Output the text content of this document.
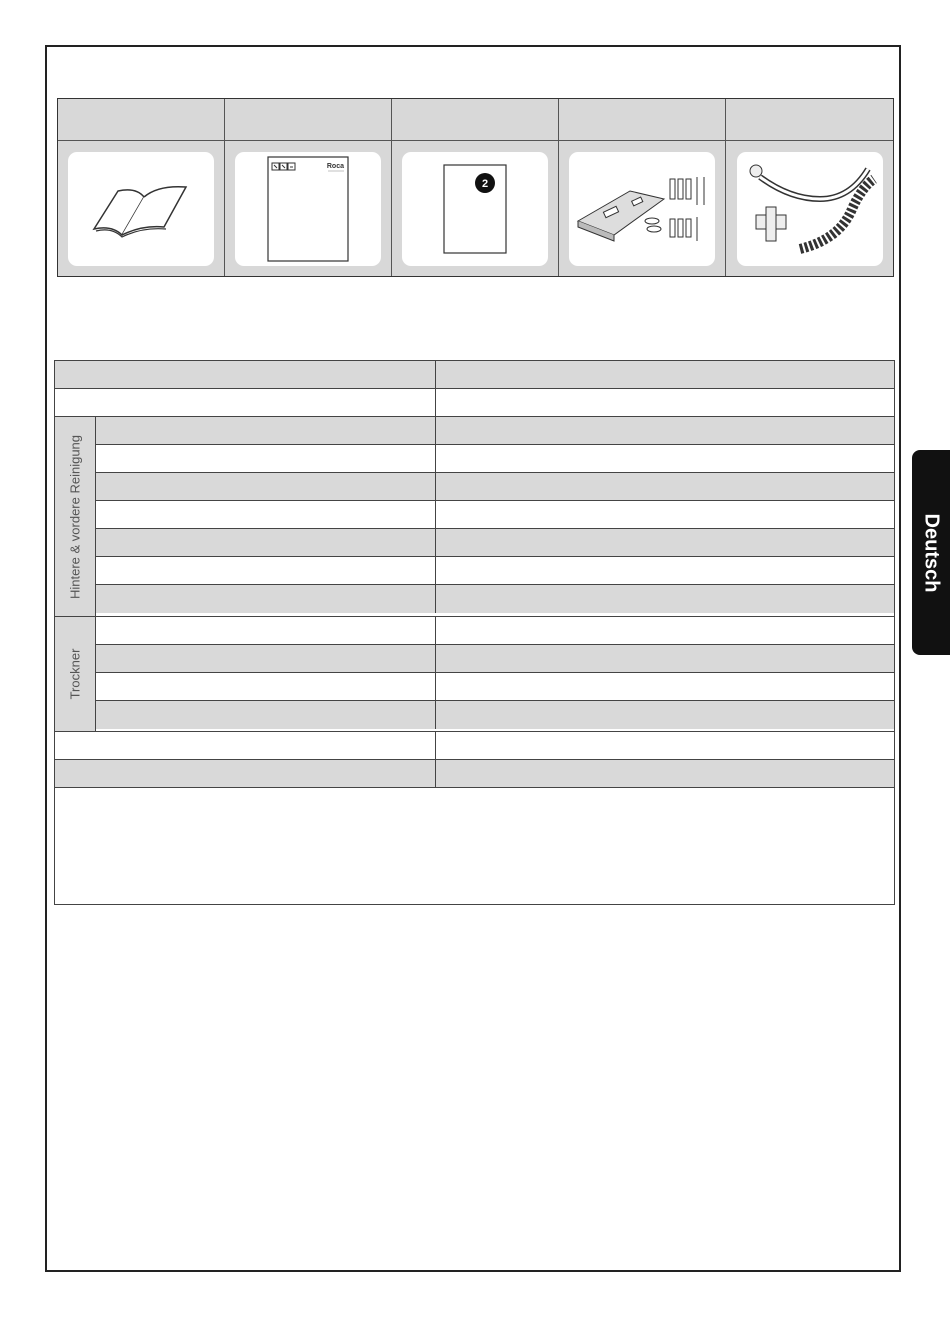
Roca
2
Hintere & vordere Reinigung
Trockner
Deutsch
